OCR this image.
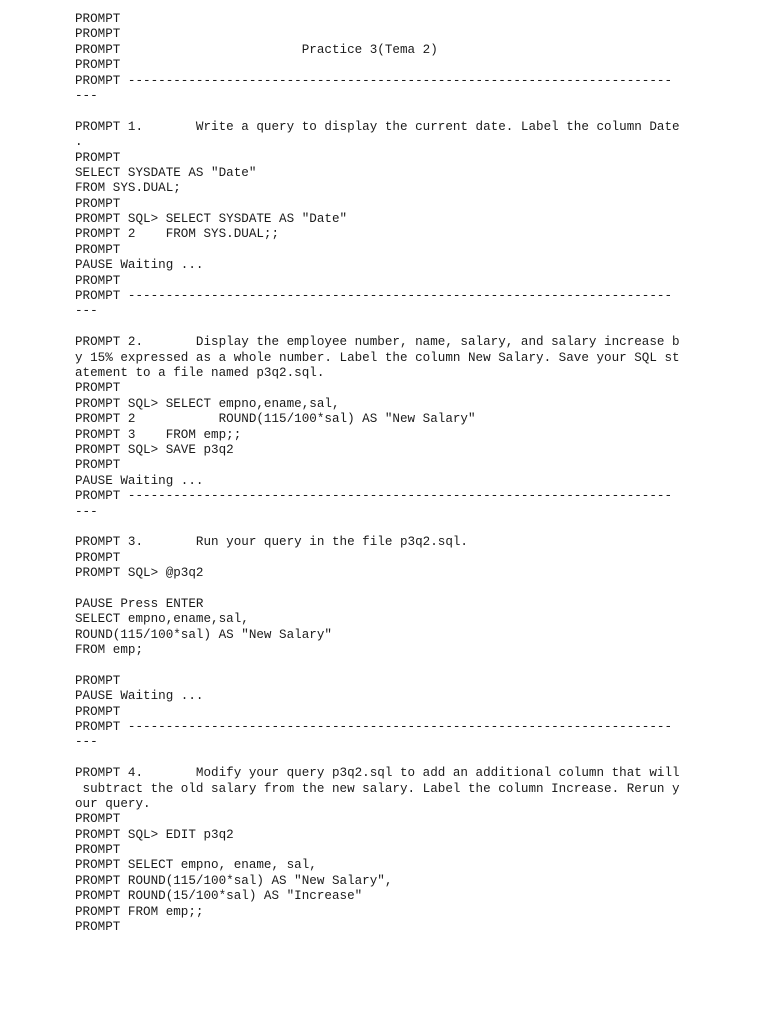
PROMPT
PROMPT
PROMPT                        Practice 3(Tema 2)
PROMPT
PROMPT ------------------------------------------------------------------------
---
PROMPT 1.       Write a query to display the current date. Label the column Date
.
PROMPT
SELECT SYSDATE AS "Date"
FROM SYS.DUAL;
PROMPT
PROMPT SQL> SELECT SYSDATE AS "Date"
PROMPT 2    FROM SYS.DUAL;;
PROMPT
PAUSE Waiting ...
PROMPT
PROMPT ------------------------------------------------------------------------
---
PROMPT 2.       Display the employee number, name, salary, and salary increase b
y 15% expressed as a whole number. Label the column New Salary. Save your SQL st
atement to a file named p3q2.sql.
PROMPT
PROMPT SQL> SELECT empno,ename,sal,
PROMPT 2           ROUND(115/100*sal) AS "New Salary"
PROMPT 3    FROM emp;;
PROMPT SQL> SAVE p3q2
PROMPT
PAUSE Waiting ...
PROMPT ------------------------------------------------------------------------
---
PROMPT 3.       Run your query in the file p3q2.sql.
PROMPT
PROMPT SQL> @p3q2
PAUSE Press ENTER
SELECT empno,ename,sal,
ROUND(115/100*sal) AS "New Salary"
FROM emp;
PROMPT
PAUSE Waiting ...
PROMPT
PROMPT ------------------------------------------------------------------------
---
PROMPT 4.       Modify your query p3q2.sql to add an additional column that will
subtract the old salary from the new salary. Label the column Increase. Rerun y
our query.
PROMPT
PROMPT SQL> EDIT p3q2
PROMPT
PROMPT SELECT empno, ename, sal,
PROMPT ROUND(115/100*sal) AS "New Salary",
PROMPT ROUND(15/100*sal) AS "Increase"
PROMPT FROM emp;;
PROMPT
